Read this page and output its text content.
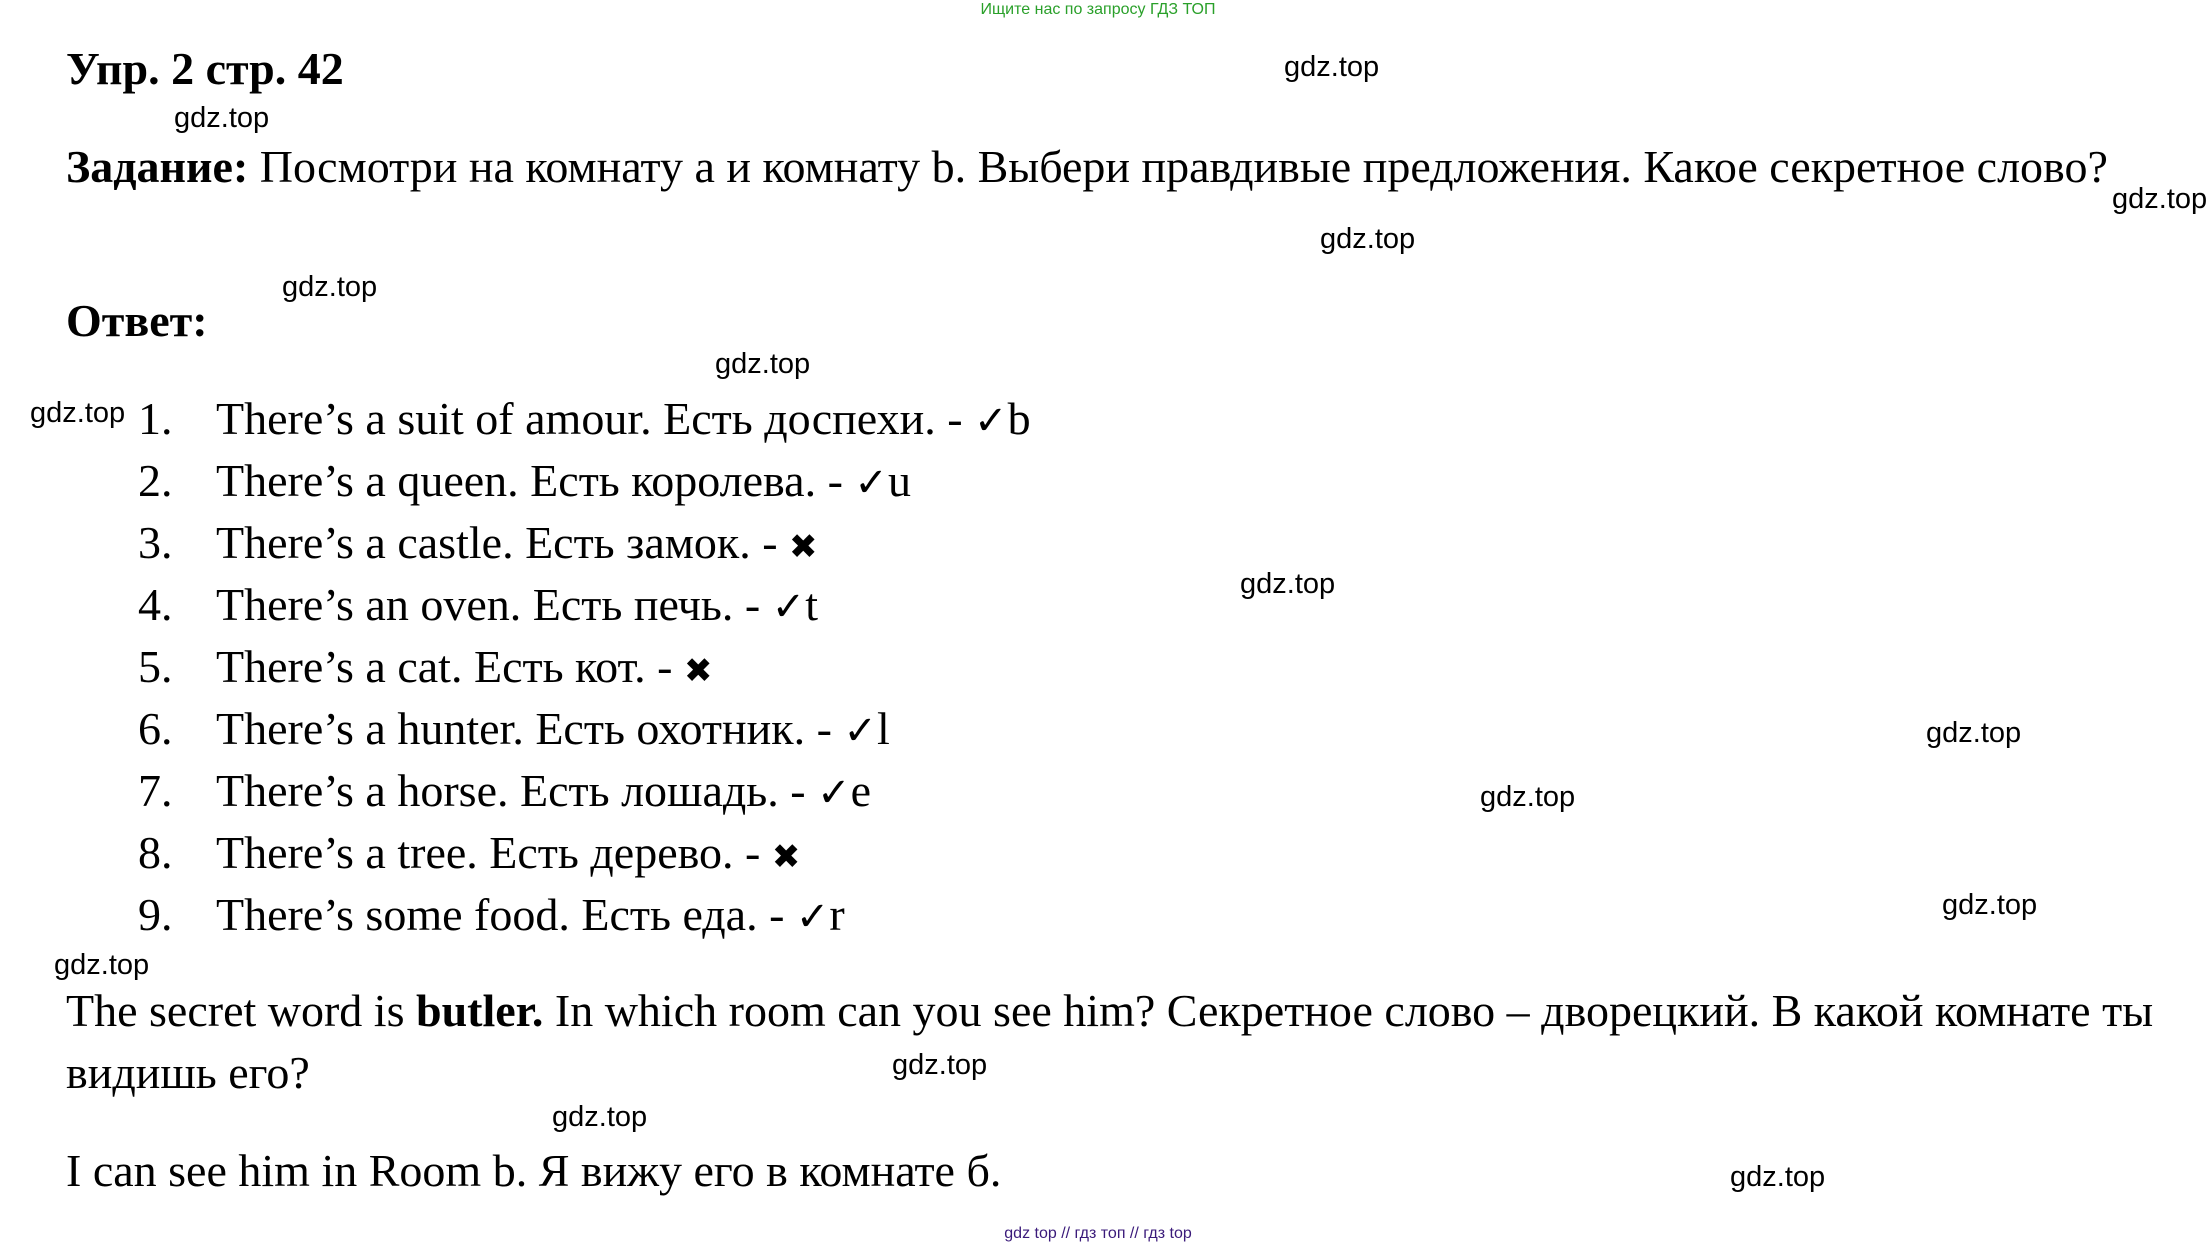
Ищите нас по запросу ГДЗ ТОП
Упр. 2 стр. 42
Задание: Посмотри на комнату а и комнату b. Выбери правдивые предложения. Какое секретное слово?
Ответ:
1. There’s a suit of amour. Есть доспехи. - ✓b
2. There’s a queen. Есть королева. - ✓u
3. There’s a castle. Есть замок. - ✖
4. There’s an oven. Есть печь. - ✓t
5. There’s a cat. Есть кот. - ✖
6. There’s a hunter. Есть охотник. - ✓l
7. There’s a horse. Есть лошадь. - ✓e
8. There’s a tree. Есть дерево. - ✖
9. There’s some food. Есть еда. - ✓r
The secret word is butler. In which room can you see him? Секретное слово – дворецкий. В какой комнате ты видишь его?
I can see him in Room b. Я вижу его в комнате б.
gdz.top
gdz.top
gdz.top
gdz.top
gdz.top
gdz.top
gdz.top
gdz.top
gdz.top
gdz.top
gdz.top
gdz.top
gdz.top
gdz.top
gdz.top
gdz top // гдз топ // гдз top
